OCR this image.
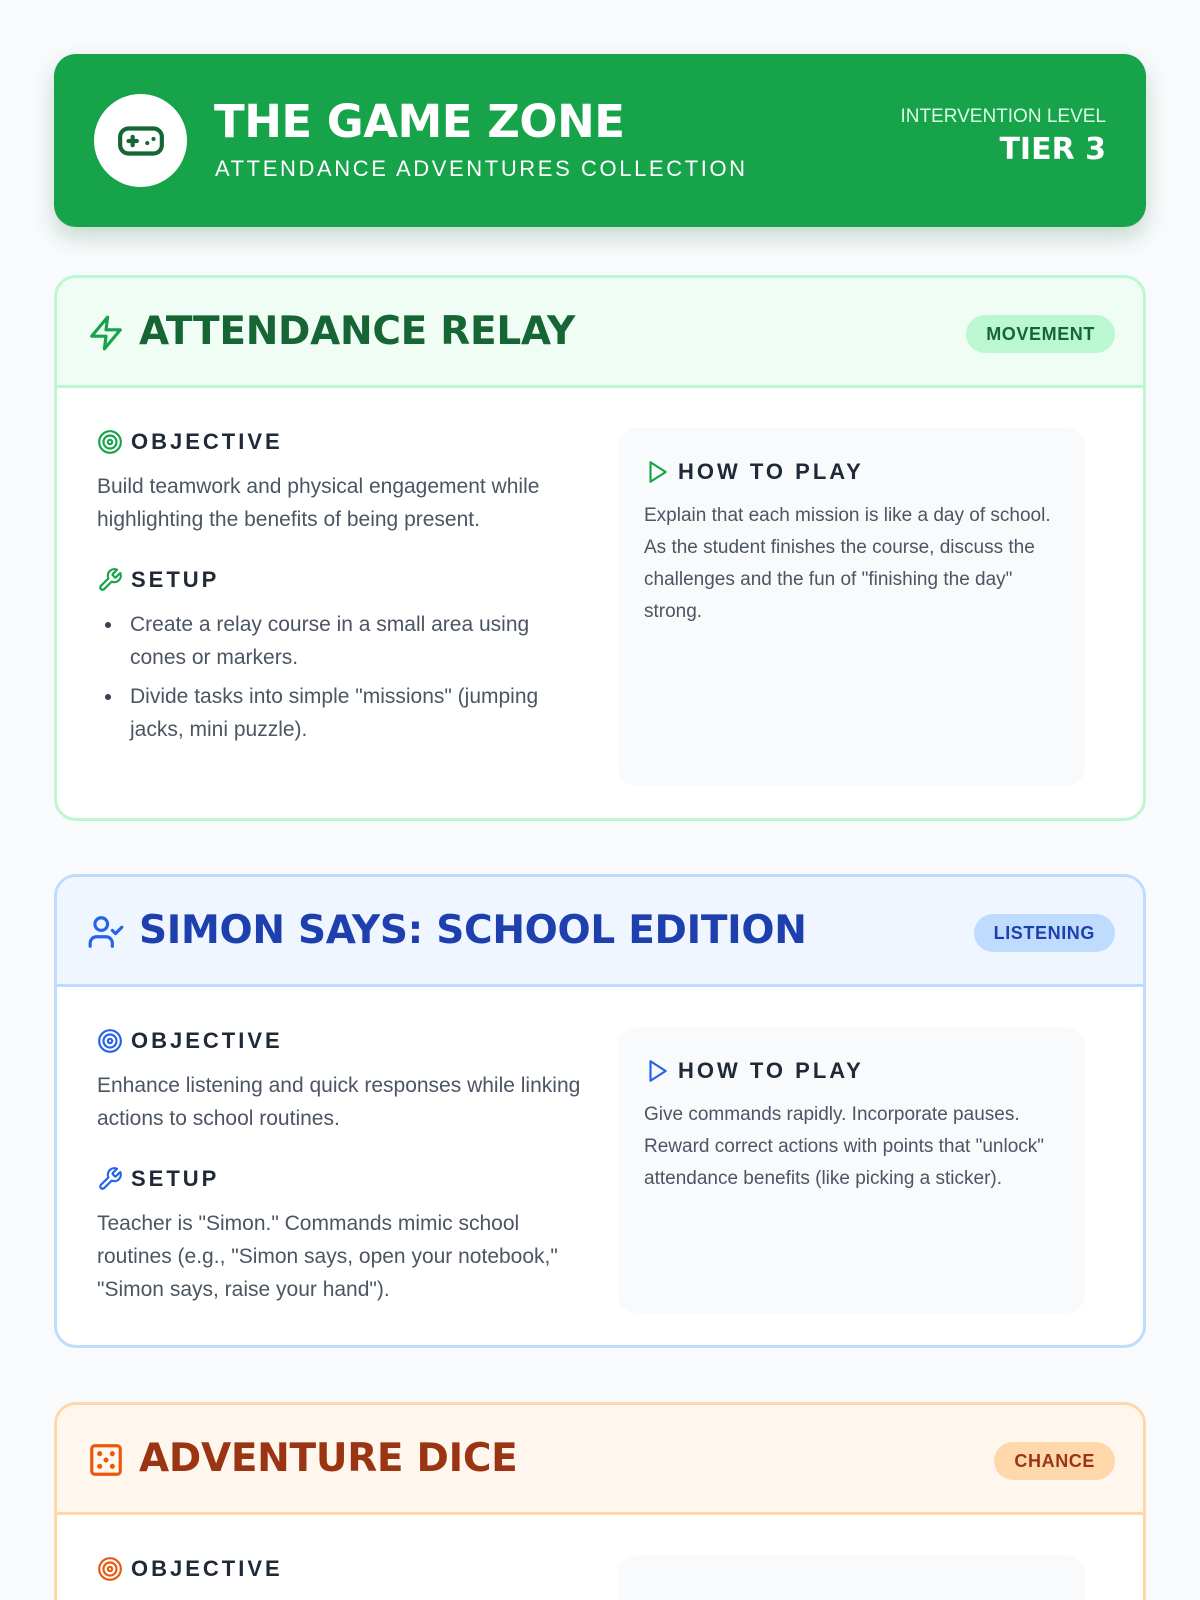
THE GAME ZONE
ATTENDANCE ADVENTURES COLLECTION
INTERVENTION LEVEL
TIER 3
ATTENDANCE RELAY	MOVEMENT
OBJECTIVE
Build teamwork and physical engagement while highlighting the benefits of being present.
SETUP
Create a relay course in a small area using cones or markers.
Divide tasks into simple "missions" (jumping jacks, mini puzzle).
HOW TO PLAY
Explain that each mission is like a day of school. As the student finishes the course, discuss the challenges and the fun of "finishing the day" strong.
SIMON SAYS: SCHOOL EDITION	LISTENING
OBJECTIVE
Enhance listening and quick responses while linking actions to school routines.
SETUP
Teacher is "Simon." Commands mimic school routines (e.g., "Simon says, open your notebook," "Simon says, raise your hand").
HOW TO PLAY
Give commands rapidly. Incorporate pauses. Reward correct actions with points that "unlock" attendance benefits (like picking a sticker).
ADVENTURE DICE	CHANCE
OBJECTIVE
